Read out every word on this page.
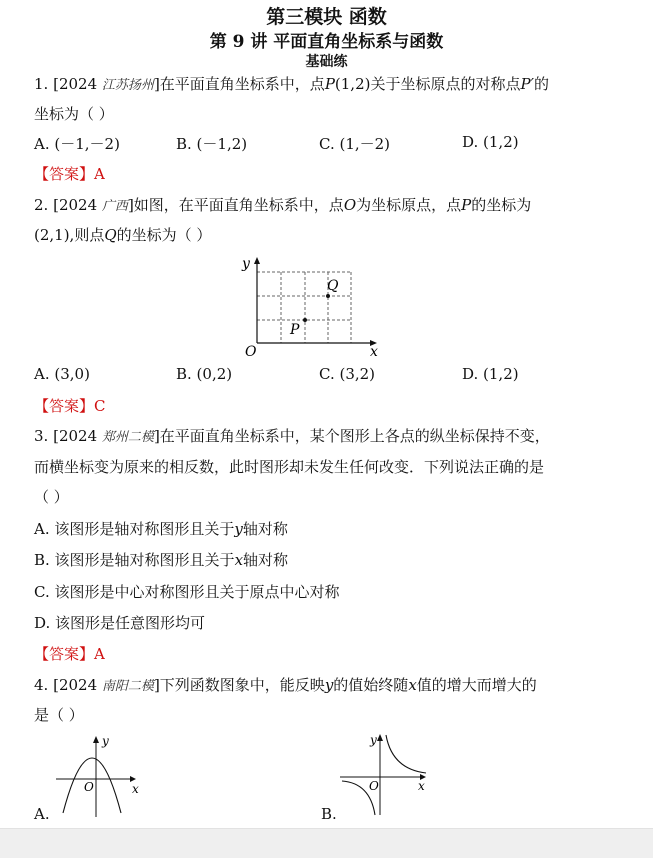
第三模块 函数
第 9 讲 平面直角坐标系与函数
基础练
1. [2024 江苏扬州]在平面直角坐标系中，点P(1,2)关于坐标原点的对称点P′的
坐标为（ ）
A. (－1,－2)	B. (－1,2)	C. (1,－2)	D. (1,2)
【答案】A
2. [2024 广西]如图，在平面直角坐标系中，点O为坐标原点，点P的坐标为
(2,1),则点Q的坐标为（ ）
y
x
O
P
Q
A. (3,0)	B. (0,2)	C. (3,2)	D. (1,2)
【答案】C
3. [2024 郑州二模]在平面直角坐标系中，某个图形上各点的纵坐标保持不变，
而横坐标变为原来的相反数，此时图形却未发生任何改变．下列说法正确的是
（ ）
A. 该图形是轴对称图形且关于y轴对称
B. 该图形是轴对称图形且关于x轴对称
C. 该图形是中心对称图形且关于原点中心对称
D. 该图形是任意图形均可
【答案】A
4. [2024 南阳二模]下列函数图象中，能反映y的值始终随x值的增大而增大的
是（ ）
y
x
O
A.
y
x
O
B.
